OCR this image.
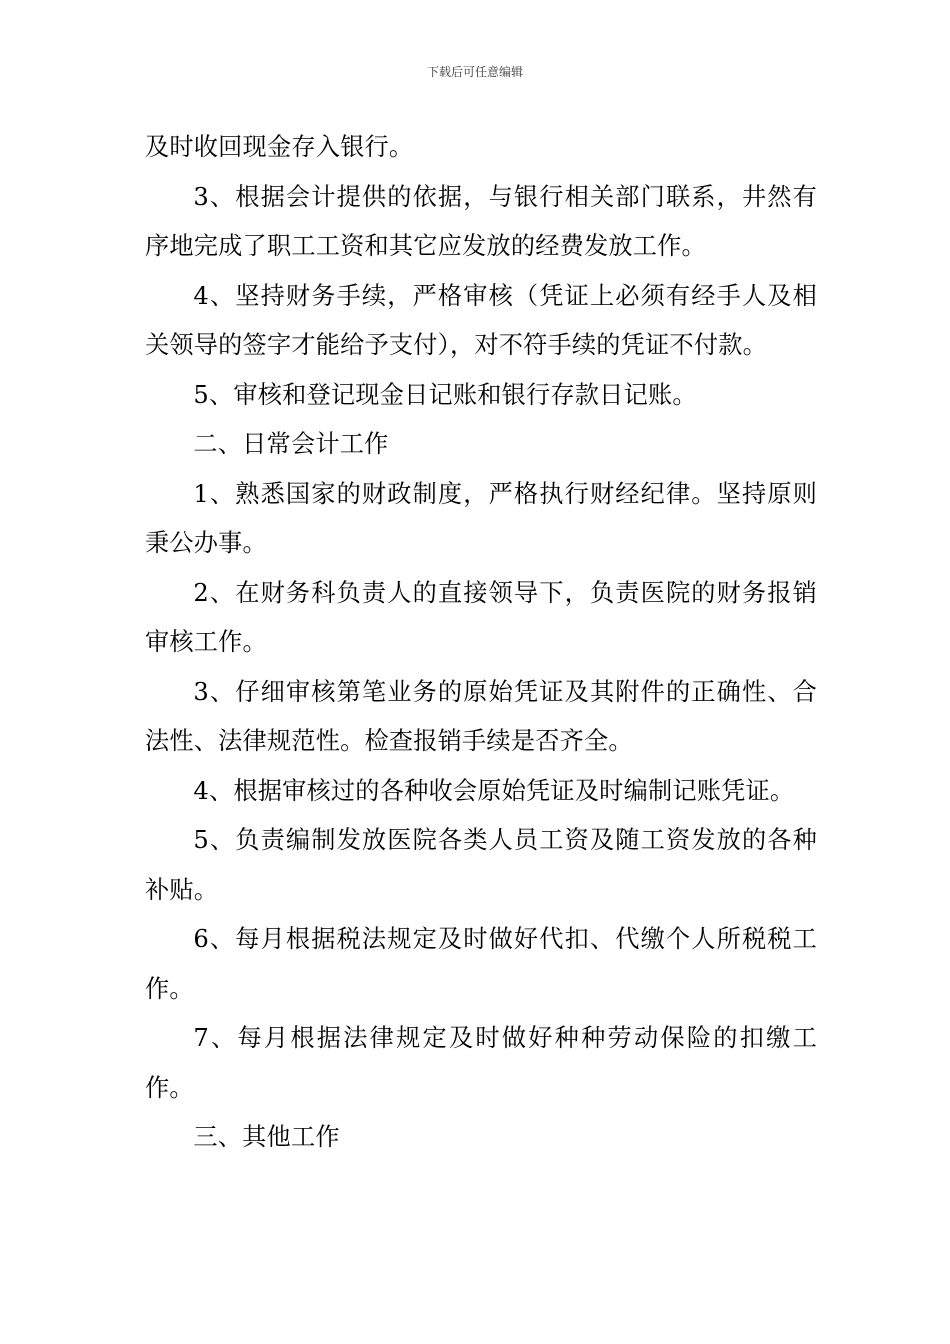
下载后可任意编辑

及时收回现金存入银行。

3、根据会计提供的依据，与银行相关部门联系，井然有序地完成了职工工资和其它应发放的经费发放工作。

4、坚持财务手续，严格审核（凭证上必须有经手人及相关领导的签字才能给予支付），对不符手续的凭证不付款。

5、审核和登记现金日记账和银行存款日记账。

二、日常会计工作

1、熟悉国家的财政制度，严格执行财经纪律。坚持原则秉公办事。

2、在财务科负责人的直接领导下，负责医院的财务报销审核工作。

3、仔细审核第笔业务的原始凭证及其附件的正确性、合法性、法律规范性。检查报销手续是否齐全。

4、根据审核过的各种收会原始凭证及时编制记账凭证。

5、负责编制发放医院各类人员工资及随工资发放的各种补贴。

6、每月根据税法规定及时做好代扣、代缴个人所税税工作。

7、每月根据法律规定及时做好种种劳动保险的扣缴工作。

三、其他工作
